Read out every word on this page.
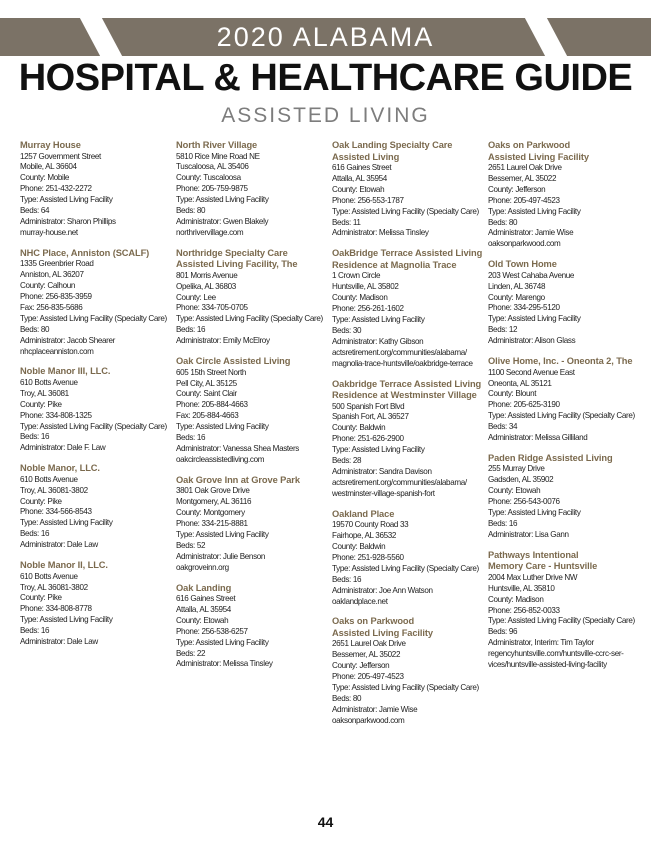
2020 ALABAMA
HOSPITAL & HEALTHCARE GUIDE
ASSISTED LIVING
Murray House
1257 Government Street
Mobile, AL 36604
County: Mobile
Phone: 251-432-2272
Type: Assisted Living Facility
Beds: 64
Administrator: Sharon Phillips
murray-house.net
NHC Place, Anniston (SCALF)
1335 Greenbrier Road
Anniston, AL 36207
County: Calhoun
Phone: 256-835-3959
Fax: 256-835-5686
Type: Assisted Living Facility (Specialty Care)
Beds: 80
Administrator: Jacob Shearer
nhcplaceanniston.com
Noble Manor III, LLC.
610 Botts Avenue
Troy, AL 36081
County: Pike
Phone: 334-808-1325
Type: Assisted Living Facility (Specialty Care)
Beds: 16
Administrator: Dale F. Law
Noble Manor, LLC.
610 Botts Avenue
Troy, AL 36081-3802
County: Pike
Phone: 334-566-8543
Type: Assisted Living Facility
Beds: 16
Administrator: Dale Law
Noble Manor II, LLC.
610 Botts Avenue
Troy, AL 36081-3802
County: Pike
Phone: 334-808-8778
Type: Assisted Living Facility
Beds: 16
Administrator: Dale Law
North River Village
5810 Rice Mine Road NE
Tuscaloosa, AL 35406
County: Tuscaloosa
Phone: 205-759-9875
Type: Assisted Living Facility
Beds: 80
Administrator: Gwen Blakely
northrivervillage.com
Northridge Specialty Care
Assisted Living Facility, The
801 Morris Avenue
Opelika, AL 36803
County: Lee
Phone: 334-705-0705
Type: Assisted Living Facility (Specialty Care)
Beds: 16
Administrator: Emily McElroy
Oak Circle Assisted Living
605 15th Street North
Pell City, AL 35125
County: Saint Clair
Phone: 205-884-4663
Fax: 205-884-4663
Type: Assisted Living Facility
Beds: 16
Administrator: Vanessa Shea Masters
oakcircleassistedliving.com
Oak Grove Inn at Grove Park
3801 Oak Grove Drive
Montgomery, AL 36116
County: Montgomery
Phone: 334-215-8881
Type: Assisted Living Facility
Beds: 52
Administrator: Julie Benson
oakgroveinn.org
Oak Landing
616 Gaines Street
Attalla, AL 35954
County: Etowah
Phone: 256-538-6257
Type: Assisted Living Facility
Beds: 22
Administrator: Melissa Tinsley
Oak Landing Specialty Care
Assisted Living
616 Gaines Street
Attalla, AL 35954
County: Etowah
Phone: 256-553-1787
Type: Assisted Living Facility (Specialty Care)
Beds: 11
Administrator: Melissa Tinsley
OakBridge Terrace Assisted Living
Residence at Magnolia Trace
1 Crown Circle
Huntsville, AL 35802
County: Madison
Phone: 256-261-1602
Type: Assisted Living Facility
Beds: 30
Administrator: Kathy Gibson
actsretirement.org/communities/alabama/
magnolia-trace-huntsville/oakbridge-terrace
Oakbridge Terrace Assisted Living
Residence at Westminster Village
500 Spanish Fort Blvd
Spanish Fort, AL 36527
County: Baldwin
Phone: 251-626-2900
Type: Assisted Living Facility
Beds: 28
Administrator: Sandra Davison
actsretirement.org/communities/alabama/
westminster-village-spanish-fort
Oakland Place
19570 County Road 33
Fairhope, AL 36532
County: Baldwin
Phone: 251-928-5560
Type: Assisted Living Facility (Specialty Care)
Beds: 16
Administrator: Joe Ann Watson
oaklandplace.net
Oaks on Parkwood
Assisted Living Facility
2651 Laurel Oak Drive
Bessemer, AL 35022
County: Jefferson
Phone: 205-497-4523
Type: Assisted Living Facility (Specialty Care)
Beds: 80
Administrator: Jamie Wise
oaksonparkwood.com
Oaks on Parkwood
Assisted Living Facility
2651 Laurel Oak Drive
Bessemer, AL 35022
County: Jefferson
Phone: 205-497-4523
Type: Assisted Living Facility
Beds: 80
Administrator: Jamie Wise
oaksonparkwood.com
Old Town Home
203 West Cahaba Avenue
Linden, AL 36748
County: Marengo
Phone: 334-295-5120
Type: Assisted Living Facility
Beds: 12
Administrator: Alison Glass
Olive Home, Inc. - Oneonta 2, The
1100 Second Avenue East
Oneonta, AL 35121
County: Blount
Phone: 205-625-3190
Type: Assisted Living Facility (Specialty Care)
Beds: 34
Administrator: Melissa Gilliland
Paden Ridge Assisted Living
255 Murray Drive
Gadsden, AL 35902
County: Etowah
Phone: 256-543-0076
Type: Assisted Living Facility
Beds: 16
Administrator: Lisa Gann
Pathways Intentional
Memory Care - Huntsville
2004 Max Luther Drive NW
Huntsville, AL 35810
County: Madison
Phone: 256-852-0033
Type: Assisted Living Facility (Specialty Care)
Beds: 96
Administrator, Interim: Tim Taylor
regencyhuntsville.com/huntsville-ccrc-ser-
vices/huntsville-assisted-living-facility
44
